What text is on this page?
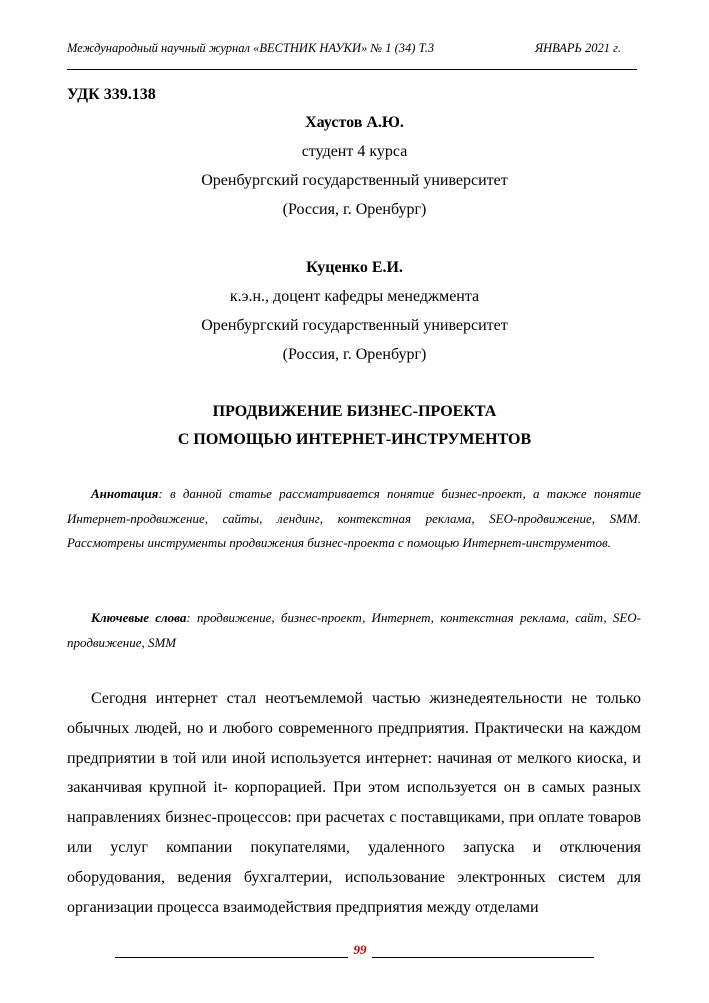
Международный научный журнал «ВЕСТНИК НАУКИ» № 1 (34) Т.3	ЯНВАРЬ 2021 г.
УДК 339.138
Хаустов А.Ю.
студент 4 курса
Оренбургский государственный университет
(Россия, г. Оренбург)
Куценко Е.И.
к.э.н., доцент кафедры менеджмента
Оренбургский государственный университет
(Россия, г. Оренбург)
ПРОДВИЖЕНИЕ БИЗНЕС-ПРОЕКТА
С ПОМОЩЬЮ ИНТЕРНЕТ-ИНСТРУМЕНТОВ
Аннотация: в данной статье рассматривается понятие бизнес-проект, а также понятие Интернет-продвижение, сайты, лендинг, контекстная реклама, SEO-продвижение, SMM. Рассмотрены инструменты продвижения бизнес-проекта с помощью Интернет-инструментов.
Ключевые слова: продвижение, бизнес-проект, Интернет, контекстная реклама, сайт, SEO-продвижение, SMM

Сегодня интернет стал неотъемлемой частью жизнедеятельности не только обычных людей, но и любого современного предприятия. Практически на каждом предприятии в той или иной используется интернет: начиная от мелкого киоска, и заканчивая крупной it- корпорацией. При этом используется он в самых разных направлениях бизнес-процессов: при расчетах с поставщиками, при оплате товаров или услуг компании покупателями, удаленного запуска и отключения оборудования, ведения бухгалтерии, использование электронных систем для организации процесса взаимодействия предприятия между отделами

99
